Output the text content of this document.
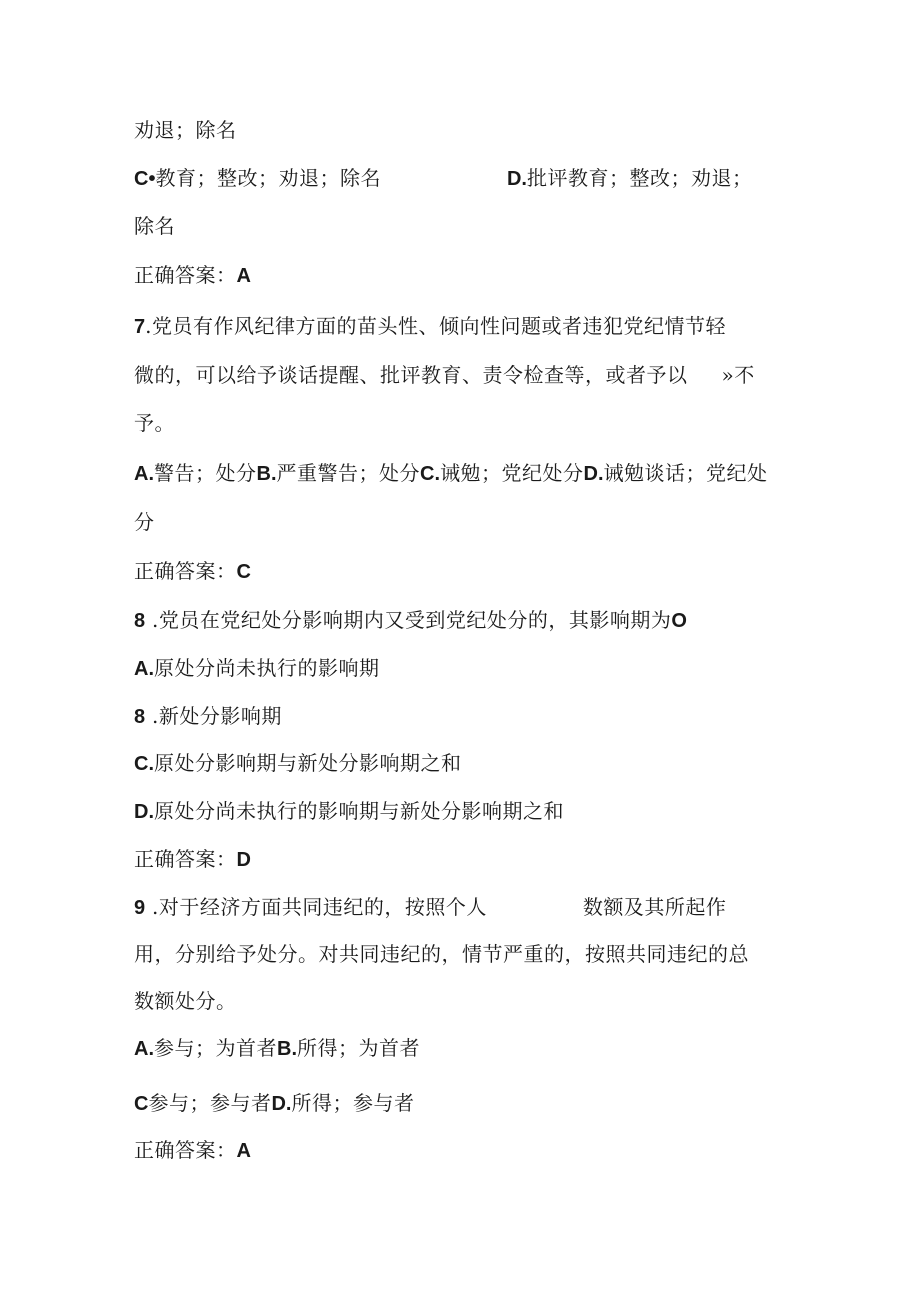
劝退；除名
C•教育；整改；劝退；除名	D.批评教育；整改；劝退；
除名
正确答案：A
7.党员有作风纪律方面的苗头性、倾向性问题或者违犯党纪情节轻
微的，可以给予谈话提醒、批评教育、责令检查等，或者予以 »不
予。
A.警告；处分B.严重警告；处分C.诫勉；党纪处分D.诫勉谈话；党纪处
分
正确答案：C
8 .党员在党纪处分影响期内又受到党纪处分的，其影响期为O
A.原处分尚未执行的影响期
8 .新处分影响期
C.原处分影响期与新处分影响期之和
D.原处分尚未执行的影响期与新处分影响期之和
正确答案：D
9 .对于经济方面共同违纪的，按照个人	数额及其所起作
用，分别给予处分。对共同违纪的，情节严重的，按照共同违纪的总
数额处分。
A.参与；为首者B.所得；为首者
C参与；参与者D.所得；参与者
正确答案：A
